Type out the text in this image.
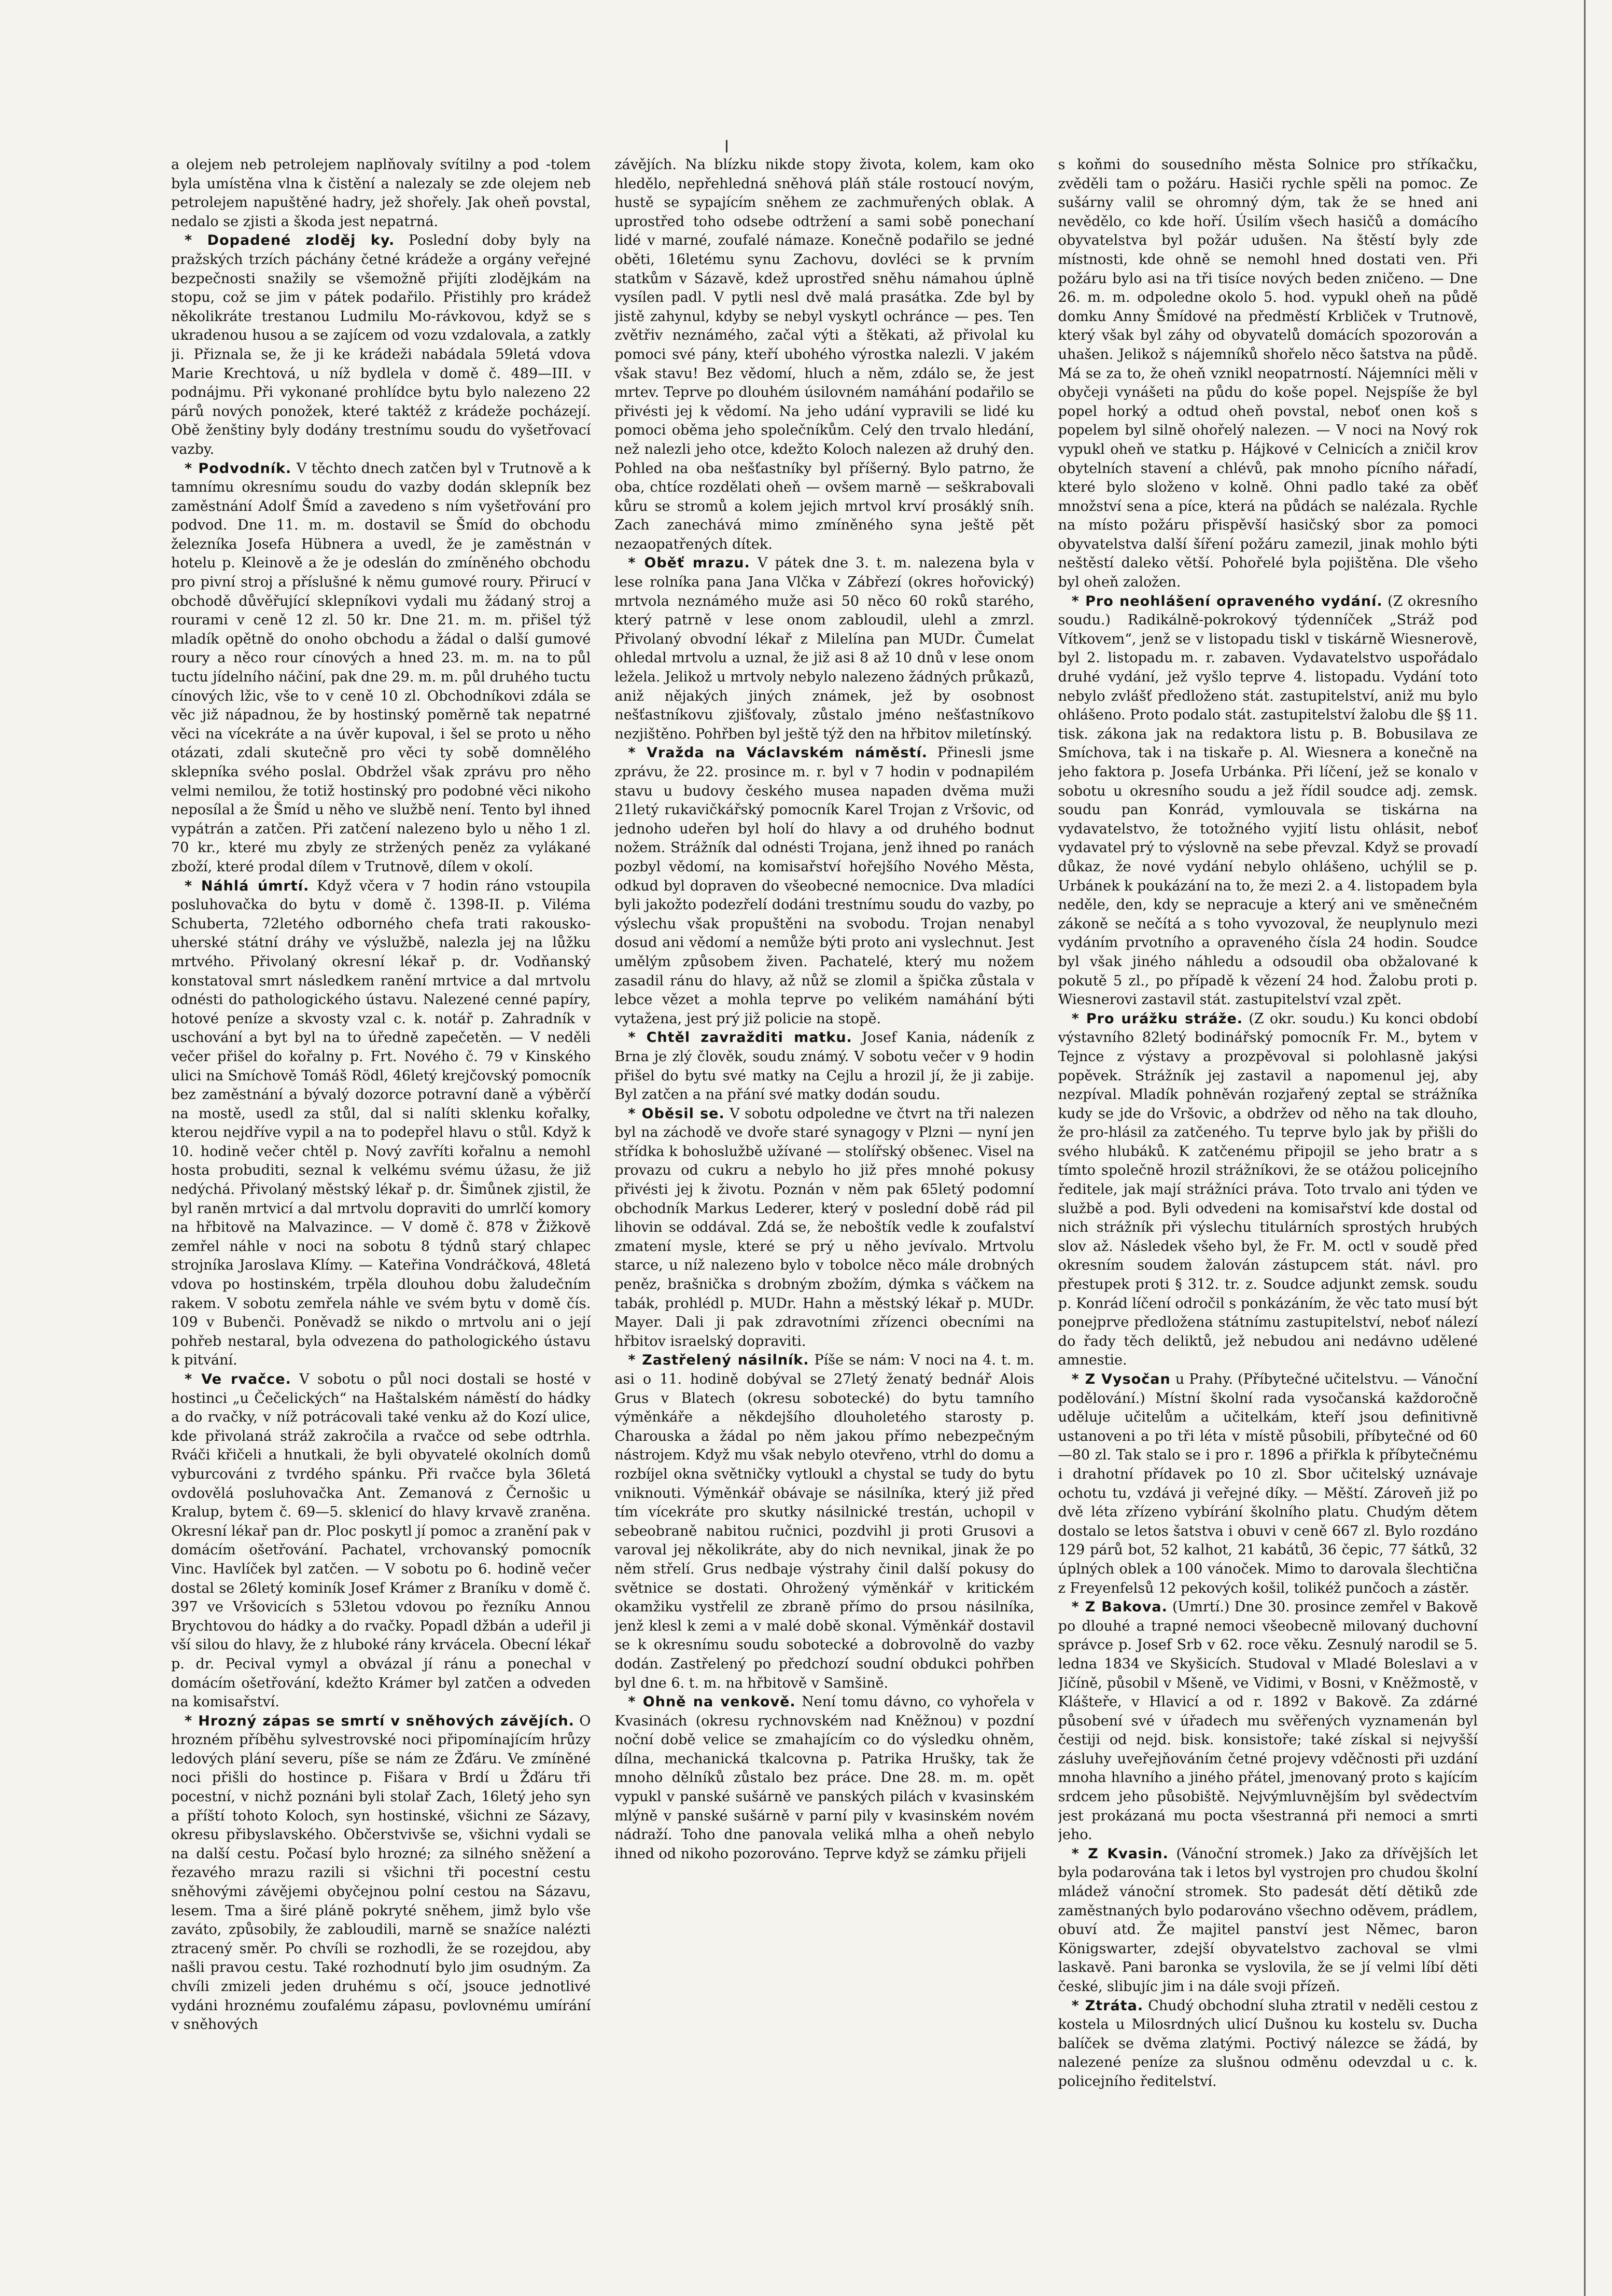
a olejem neb petrolejem naplňovaly svítilny a pod -tolem byla umístěna vlna k čistění a nalezaly se zde olejem neb petrolejem napuštěné hadry, jež shořely. Jak oheň povstal, nedalo se zjisti a škoda jest nepatrná.

* Dopadené zloděj ky. Poslední doby byly na pražských trzích páchány četné krádeže a orgány veřejné bezpečnosti snažily se všemožně přijíti zlodějkám na stopu, což se jim v pátek podařilo. Přistihly pro krádež několikráte trestanou Ludmilu Mo-rávkovou, když se s ukradenou husou a se zajícem od vozu vzdalovala, a zatkly ji. Přiznala se, že ji ke krádeži nabádala 59letá vdova Marie Krechtová, u níž bydlela v domě č. 489—III. v podnájmu. Při vykonané prohlídce bytu bylo nalezeno 22 párů nových ponožek, které taktéž z krádeže pocházejí. Obě ženštiny byly dodány trestnímu soudu do vyšetřovací vazby.

* Podvodník. V těchto dnech zatčen byl v Trutnově a k tamnímu okresnímu soudu do vazby dodán sklepník bez zaměstnání Adolf Šmíd a zavedeno s ním vyšetřování pro podvod. Dne 11. m. m. dostavil se Šmíd do obchodu železníka Josefa Hübnera a uvedl, že je zaměstnán v hotelu p. Kleinově a že je odeslán do zmíněného obchodu pro pivní stroj a příslušné k němu gumové roury. Přirucí v obchodě důvěřující sklepníkovi vydali mu žádaný stroj a rourami v ceně 12 zl. 50 kr. Dne 21. m. m. přišel týž mladík opětně do onoho obchodu a žádal o další gumové roury a něco rour cínových a hned 23. m. m. na to půl tuctu jídelního náčiní, pak dne 29. m. m. půl druhého tuctu cínových lžic, vše to v ceně 10 zl. Obchodníkovi zdála se věc již nápadnou, že by hostinský poměrně tak nepatrné věci na vícekráte a na úvěr kupoval, i šel se proto u něho otázati, zdali skutečně pro věci ty sobě domnělého sklepníka svého poslal. Obdržel však zprávu pro něho velmi nemilou, že totiž hostinský pro podobné věci nikoho neposílal a že Šmíd u něho ve službě není. Tento byl ihned vypátrán a zatčen. Při zatčení nalezeno bylo u něho 1 zl. 70 kr., které mu zbyly ze stržených peněz za vylákané zboží, které prodal dílem v Trutnově, dílem v okolí.

* Náhlá úmrtí. Když včera v 7 hodin ráno vstoupila posluhovačka do bytu v domě č. 1398-II. p. Viléma Schuberta, 72letého odborného chefa trati rakousko-uherské státní dráhy ve výslužbě, nalezla jej na lůžku mrtvého. Přivolaný okresní lékař p. dr. Vodňanský konstatoval smrt následkem ranění mrtvice a dal mrtvolu odnésti do pathologického ústavu. Nalezené cenné papíry, hotové peníze a skvosty vzal c. k. notář p. Zahradník v uschování a byt byl na to úředně zapečetěn. — V neděli večer přišel do kořalny p. Frt. Nového č. 79 v Kinského ulici na Smíchově Tomáš Rödl, 46letý krejčovský pomocník bez zaměstnání a bývalý dozorce potravní daně a výběrčí na mostě, usedl za stůl, dal si nalíti sklenku kořalky, kterou nejdříve vypil a na to podepřel hlavu o stůl. Když k 10. hodině večer chtěl p. Nový zavříti kořalnu a nemohl hosta probuditi, seznal k velkému svému úžasu, že již nedýchá. Přivolaný městský lékař p. dr. Šimůnek zjistil, že byl raněn mrtvicí a dal mrtvolu dopraviti do umrlčí komory na hřbitově na Malvazince. — V domě č. 878 v Žižkově zemřel náhle v noci na sobotu 8 týdnů starý chlapec strojníka Jaroslava Klímy. — Kateřina Vondráčková, 48letá vdova po hostinském, trpěla dlouhou dobu žaludečním rakem. V sobotu zemřela náhle ve svém bytu v domě čís. 109 v Bubenči. Poněvadž se nikdo o mrtvolu ani o její pohřeb nestaral, byla odvezena do pathologického ústavu k pitvání.

* Ve rvačce. V sobotu o půl noci dostali se hosté v hostinci „u Čečelických“ na Haštalském náměstí do hádky a do rvačky, v níž potrácovali také venku až do Kozí ulice, kde přivolaná stráž zakročila a rvačce od sebe odtrhla. Rváči křičeli a hnutkali, že byli obyvatelé okolních domů vyburcováni z tvrdého spánku. Při rvačce byla 36letá ovdovělá posluhovačka Ant. Zemanová z Černošic u Kralup, bytem č. 69—5. sklenicí do hlavy krvavě zraněna. Okresní lékař pan dr. Ploc poskytl jí pomoc a zranění pak v domácím ošetřování. Pachatel, vrchovanský pomocník Vinc. Havlíček byl zatčen. — V sobotu po 6. hodině večer dostal se 26letý kominík Josef Krámer z Braníku v domě č. 397 ve Vršovicích s 53letou vdovou po řezníku Annou Brychtovou do hádky a do rvačky. Popadl džbán a udeřil ji vší silou do hlavy, že z hluboké rány krvácela. Obecní lékař p. dr. Pecival vymyl a obvázal jí ránu a ponechal v domácím ošetřování, kdežto Krámer byl zatčen a odveden na komisařství.

* Hrozný zápas se smrtí v sněhových závějích. O hrozném příběhu sylvestrovské noci připomínajícím hrůzy ledových plání severu, píše se nám ze Žďáru. Ve zmíněné noci přišli do hostince p. Fišara v Brdí u Žďáru tři pocestní, v nichž poznáni byli stolař Zach, 16letý jeho syn a příští tohoto Koloch, syn hostinské, všichni ze Sázavy, okresu přibyslavského. Občerstvivše se, všichni vydali se na další cestu. Počasí bylo hrozné; za silného sněžení a řezavého mrazu razili si všichni tři pocestní cestu sněhovými závějemi obyčejnou polní cestou na Sázavu, lesem. Tma a širé pláně pokryté sněhem, jimž bylo vše zaváto, způsobily, že zabloudili, marně se snažíce nalézti ztracený směr. Po chvíli se rozhodli, že se rozejdou, aby našli pravou cestu. Také rozhodnutí bylo jim osudným. Za chvíli zmizeli jeden druhému s očí, jsouce jednotlivé vydáni hroznému zoufalému zápasu, povlovnému umírání v sněhových

závějích. Na blízku nikde stopy života, kolem, kam oko hledělo, nepřehledná sněhová pláň stále rostoucí novým, hustě se sypajícím sněhem ze zachmuřených oblak. A uprostřed toho odsebe odtržení a sami sobě ponechaní lidé v marné, zoufalé námaze. Konečně podařilo se jedné oběti, 16letému synu Zachovu, dovléci se k prvním statkům v Sázavě, kdež uprostřed sněhu námahou úplně vysílen padl. V pytli nesl dvě malá prasátka. Zde byl by jistě zahynul, kdyby se nebyl vyskytl ochránce — pes. Ten zvětřiv neznámého, začal výti a štěkati, až přivolal ku pomoci své pány, kteří ubohého výrostka nalezli. V jakém však stavu! Bez vědomí, hluch a něm, zdálo se, že jest mrtev. Teprve po dlouhém úsilovném namáhání podařilo se přivésti jej k vědomí. Na jeho udání vypravili se lidé ku pomoci oběma jeho společníkům. Celý den trvalo hledání, než nalezli jeho otce, kdežto Koloch nalezen až druhý den. Pohled na oba nešťastníky byl příšerný. Bylo patrno, že oba, chtíce rozdělati oheň — ovšem marně — seškrabovali kůru se stromů a kolem jejich mrtvol krví prosáklý sníh. Zach zanechává mimo zmíněného syna ještě pět nezaopatřených dítek.

* Oběť mrazu. V pátek dne 3. t. m. nalezena byla v lese rolníka pana Jana Vlčka v Zábřezí (okres hořovický) mrtvola neznámého muže asi 50 něco 60 roků starého, který patrně v lese onom zabloudil, ulehl a zmrzl. Přivolaný obvodní lékař z Milelína pan MUDr. Čumelat ohledal mrtvolu a uznal, že již asi 8 až 10 dnů v lese onom ležela. Jelikož u mrtvoly nebylo nalezeno žádných průkazů, aniž nějakých jiných známek, jež by osobnost nešťastníkovu zjišťovaly, zůstalo jméno nešťastníkovo nezjištěno. Pohřben byl ještě týž den na hřbitov miletínský.

* Vražda na Václavském náměstí. Přinesli jsme zprávu, že 22. prosince m. r. byl v 7 hodin v podnapilém stavu u budovy českého musea napaden dvěma muži 21letý rukavičkářský pomocník Karel Trojan z Vršovic, od jednoho udeřen byl holí do hlavy a od druhého bodnut nožem. Strážník dal odnésti Trojana, jenž ihned po ranách pozbyl vědomí, na komisařství hořejšího Nového Města, odkud byl dopraven do všeobecné nemocnice. Dva mladíci byli jakožto podezřelí dodáni trestnímu soudu do vazby, po výslechu však propuštěni na svobodu. Trojan nenabyl dosud ani vědomí a nemůže býti proto ani vyslechnut. Jest umělým způsobem živen. Pachatelé, který mu nožem zasadil ránu do hlavy, až nůž se zlomil a špička zůstala v lebce vězet a mohla teprve po velikém namáhání býti vytažena, jest prý již policie na stopě.

* Chtěl zavražditi matku. Josef Kania, nádeník z Brna je zlý člověk, soudu známý. V sobotu večer v 9 hodin přišel do bytu své matky na Cejlu a hrozil jí, že ji zabije. Byl zatčen a na přání své matky dodán soudu.

* Oběsil se. V sobotu odpoledne ve čtvrt na tři nalezen byl na záchodě ve dvoře staré synagogy v Plzni — nyní jen střídka k bohoslužbě užívané — stolířský obšenec. Visel na provazu od cukru a nebylo ho již přes mnohé pokusy přivésti jej k životu. Poznán v něm pak 65letý podomní obchodník Markus Lederer, který v poslední době rád pil lihovin se oddával. Zdá se, že neboštík vedle k zoufalství zmatení mysle, které se prý u něho jevívalo. Mrtvolu starce, u níž nalezeno bylo v tobolce něco mále drobných peněz, brašnička s drobným zbožím, dýmka s váčkem na tabák, prohlédl p. MUDr. Hahn a městský lékař p. MUDr. Mayer. Dali ji pak zdravotními zřízenci obecními na hřbitov israelský dopraviti.

* Zastřelený násilník. Píše se nám: V noci na 4. t. m. asi o 11. hodině dobýval se 27letý ženatý bednář Alois Grus v Blatech (okresu sobotecké) do bytu tamního výměnkáře a někdejšího dlouholetého starosty p. Charouska a žádal po něm jakou přímo nebezpečným nástrojem. Když mu však nebylo otevřeno, vtrhl do domu a rozbíjel okna světničky vytloukl a chystal se tudy do bytu vniknouti. Výměnkář obávaje se násilníka, který již před tím vícekráte pro skutky násilnické trestán, uchopil v sebeobraně nabitou ručnici, pozdvihl ji proti Grusovi a varoval jej několikráte, aby do nich nevnikal, jinak že po něm střelí. Grus nedbaje výstrahy činil další pokusy do světnice se dostati. Ohrožený výměnkář v kritickém okamžiku vystřelil ze zbraně přímo do prsou násilníka, jenž klesl k zemi a v malé době skonal. Výměnkář dostavil se k okresnímu soudu sobotecké a dobrovolně do vazby dodán. Zastřelený po předchozí soudní obdukci pohřben byl dne 6. t. m. na hřbitově v Samšině.

* Ohně na venkově. Není tomu dávno, co vyhořela v Kvasinách (okresu rychnovském nad Kněžnou) v pozdní noční době velice se zmahajícím co do výsledku ohněm, dílna, mechanická tkalcovna p. Patrika Hrušky, tak že mnoho dělníků zůstalo bez práce. Dne 28. m. m. opět vypukl v panské sušárně ve panských pilách v kvasinském mlýně v panské sušárně v parní pily v kvasinském novém nádraží. Toho dne panovala veliká mlha a oheň nebylo ihned od nikoho pozorováno. Teprve když se zámku přijeli

s koňmi do sousedního města Solnice pro stříkačku, zvěděli tam o požáru. Hasiči rychle spěli na pomoc. Ze sušárny valil se ohromný dým, tak že se hned ani nevědělo, co kde hoří. Úsilím všech hasičů a domácího obyvatelstva byl požár udušen. Na štěstí byly zde místnosti, kde ohně se nemohl hned dostati ven. Při požáru bylo asi na tři tisíce nových beden zničeno. — Dne 26. m. m. odpoledne okolo 5. hod. vypukl oheň na půdě domku Anny Šmídové na předměstí Krbliček v Trutnově, který však byl záhy od obyvatelů domácích spozorován a uhašen. Jelikož s nájemníků shořelo něco šatstva na půdě. Má se za to, že oheň vznikl neopatrností. Nájemníci měli v obyčeji vynášeti na půdu do koše popel. Nejspíše že byl popel horký a odtud oheň povstal, neboť onen koš s popelem byl silně ohořelý nalezen. — V noci na Nový rok vypukl oheň ve statku p. Hájkové v Celnicích a zničil krov obytelních stavení a chlévů, pak mnoho pícního nářadí, které bylo složeno v kolně. Ohni padlo také za oběť množství sena a píce, která na půdách se nalézala. Rychle na místo požáru přispěvší hasičský sbor za pomoci obyvatelstva další šíření požáru zamezil, jinak mohlo býti neštěstí daleko větší. Pohořelé byla pojištěna. Dle všeho byl oheň založen.

* Pro neohlášení opraveného vydání. (Z okresního soudu.) Radikálně-pokrokový týdenníček „Stráž pod Vítkovem“, jenž se v listopadu tiskl v tiskárně Wiesnerově, byl 2. listopadu m. r. zabaven. Vydavatelstvo uspořádalo druhé vydání, jež vyšlo teprve 4. listopadu. Vydání toto nebylo zvlášť předloženo stát. zastupitelství, aniž mu bylo ohlášeno. Proto podalo stát. zastupitelství žalobu dle §§ 11. tisk. zákona jak na redaktora listu p. B. Bobusilava ze Smíchova, tak i na tiskaře p. Al. Wiesnera a konečně na jeho faktora p. Josefa Urbánka. Při líčení, jež se konalo v sobotu u okresního soudu a jež řídil soudce adj. zemsk. soudu pan Konrád, vymlouvala se tiskárna na vydavatelstvo, že totožného vyjití listu ohlásit, neboť vydavatel prý to výslovně na sebe převzal. Když se provadí důkaz, že nové vydání nebylo ohlášeno, uchýlil se p. Urbánek k poukázání na to, že mezi 2. a 4. listopadem byla neděle, den, kdy se nepracuje a který ani ve směnečném zákoně se nečítá a s toho vyvozoval, že neuplynulo mezi vydáním prvotního a opraveného čísla 24 hodin. Soudce byl však jiného náhledu a odsoudil oba obžalované k pokutě 5 zl., po případě k vězení 24 hod. Žalobu proti p. Wiesnerovi zastavil stát. zastupitelství vzal zpět.

* Pro urážku stráže. (Z okr. soudu.) Ku konci období výstavního 82letý bodinářský pomocník Fr. M., bytem v Tejnce z výstavy a prozpěvoval si polohlasně jakýsi popěvek. Strážník jej zastavil a napomenul jej, aby nezpíval. Mladík pohněván rozjařený zeptal se strážníka kudy se jde do Vršovic, a obdržev od něho na tak dlouho, že pro-hlásil za zatčeného. Tu teprve bylo jak by přišli do svého hlubáků. K zatčenému připojil se jeho bratr a s tímto společně hrozil strážníkovi, že se otážou policejního ředitele, jak mají strážníci práva. Toto trvalo ani týden ve službě a pod. Byli odvedeni na komisařství kde dostal od nich strážník při výslechu titulárních sprostých hrubých slov až. Následek všeho byl, že Fr. M. octl v soudě před okresním soudem žalován zástupcem stát. návl. pro přestupek proti § 312. tr. z. Soudce adjunkt zemsk. soudu p. Konrád líčení odročil s ponkázáním, že věc tato musí být ponejprve předložena státnímu zastupitelství, neboť nálezí do řady těch deliktů, jež nebudou ani nedávno udělené amnestie.

* Z Vysočan u Prahy. (Příbytečné učitelstvu. — Vánoční podělování.) Místní školní rada vysočanská každoročně uděluje učitelům a učitelkám, kteří jsou definitivně ustanoveni a po tři léta v místě působili, příbytečné od 60—80 zl. Tak stalo se i pro r. 1896 a přiřkla k příbytečnému i drahotní přídavek po 10 zl. Sbor učitelský uznávaje ochotu tu, vzdává ji veřejné díky. — Měští. Zároveň již po dvě léta zřízeno vybírání školního platu. Chudým dětem dostalo se letos šatstva i obuvi v ceně 667 zl. Bylo rozdáno 129 párů bot, 52 kalhot, 21 kabátů, 36 čepic, 77 šátků, 32 úplných oblek a 100 vánoček. Mimo to darovala šlechtična z Freyenfelsů 12 pekových košil, tolikéž punčoch a zástěr.

* Z Bakova. (Umrtí.) Dne 30. prosince zemřel v Bakově po dlouhé a trapné nemoci všeobecně milovaný duchovní správce p. Josef Srb v 62. roce věku. Zesnulý narodil se 5. ledna 1834 ve Skyšicích. Studoval v Mladé Boleslavi a v Jičíně, působil v Mšeně, ve Vidimi, v Bosni, v Kněžmostě, v Klášteře, v Hlavicí a od r. 1892 v Bakově. Za zdárné působení své v úřadech mu svěřených vyznamenán byl čestiji od nejd. bisk. konsistoře; také získal si nejvyšší zásluhy uveřejňováním četné projevy vděčnosti při uzdání mnoha hlavního a jiného přátel, jmenovaný proto s kajícím srdcem jeho působiště. Nejvýmluvnějším byl svědectvím jest prokázaná mu pocta všestranná při nemoci a smrti jeho.

* Z Kvasin. (Vánoční stromek.) Jako za dřívějších let byla podarována tak i letos byl vystrojen pro chudou školní mládež vánoční stromek. Sto padesát dětí dětiků zde zaměstnaných bylo podarováno všechno oděvem, prádlem, obuví atd. Že majitel panství jest Němec, baron Königswarter, zdejší obyvatelstvo zachoval se vlmi laskavě. Pani baronka se vyslovila, že se jí velmi líbí děti české, slibujíc jim i na dále svoji přízeň.

* Ztráta. Chudý obchodní sluha ztratil v neděli cestou z kostela u Milosrdných ulicí Dušnou ku kostelu sv. Ducha balíček se dvěma zlatými. Poctivý nálezce se žádá, by nalezené peníze za slušnou odměnu odevzdal u c. k. policejního ředitelství.
